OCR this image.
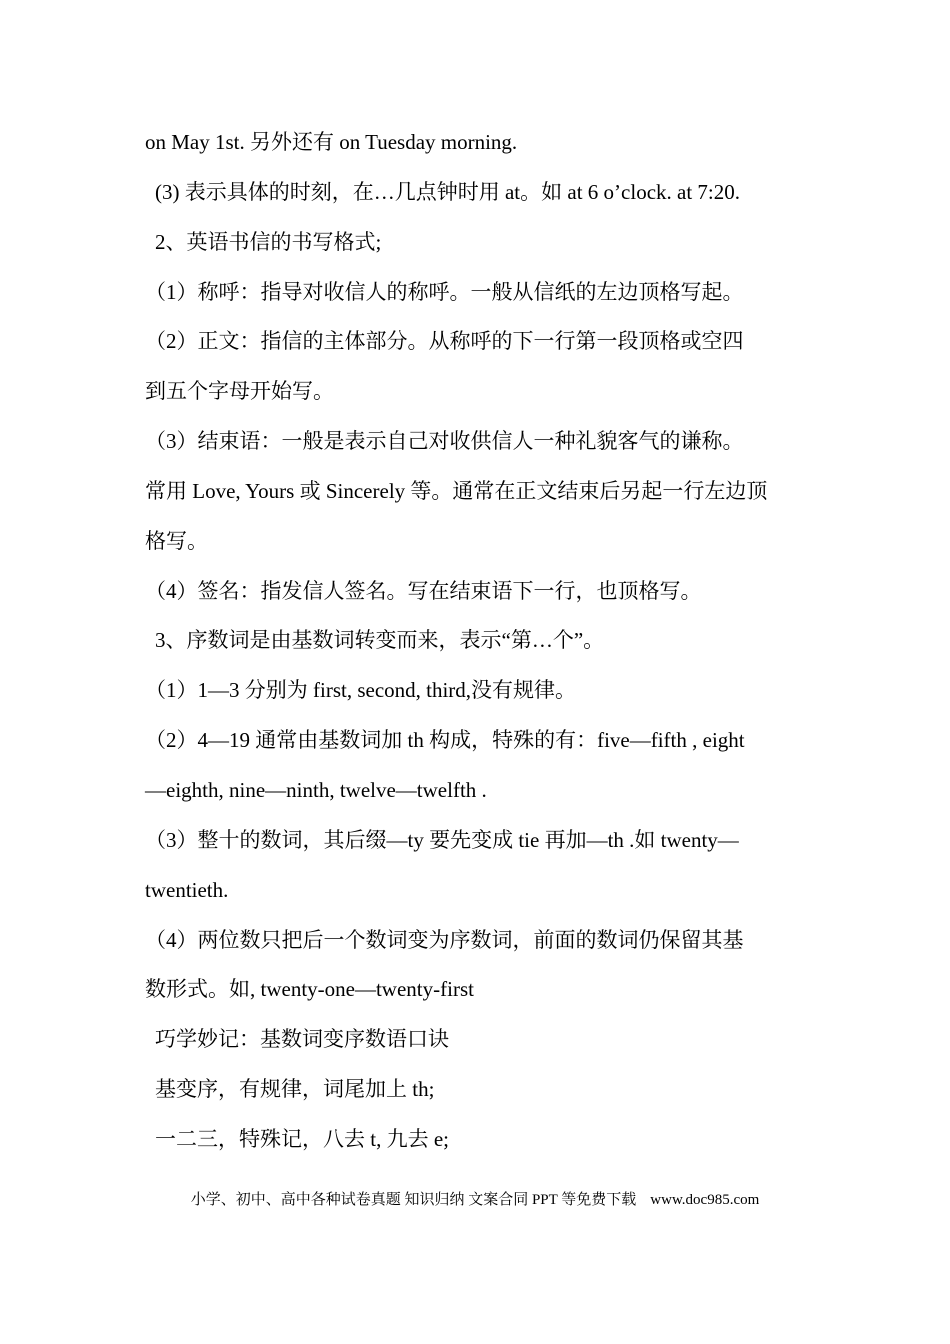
on May 1st. 另外还有 on Tuesday morning.
(3) 表示具体的时刻，在…几点钟时用 at。如 at 6 o’clock. at 7:20.
2、英语书信的书写格式;
（1）称呼：指导对收信人的称呼。一般从信纸的左边顶格写起。
（2）正文：指信的主体部分。从称呼的下一行第一段顶格或空四
到五个字母开始写。
（3）结束语：一般是表示自己对收供信人一种礼貌客气的谦称。
常用 Love, Yours 或 Sincerely 等。通常在正文结束后另起一行左边顶
格写。
（4）签名：指发信人签名。写在结束语下一行，也顶格写。
3、序数词是由基数词转变而来，表示“第…个”。
（1）1—3 分别为 first, second, third,没有规律。
（2）4—19 通常由基数词加 th 构成，特殊的有：five—fifth , eight
—eighth, nine—ninth, twelve—twelfth .
（3）整十的数词，其后缀—ty 要先变成 tie 再加—th .如 twenty—
twentieth.
（4）两位数只把后一个数词变为序数词，前面的数词仍保留其基
数形式。如, twenty-one—twenty-first
巧学妙记：基数词变序数语口诀
基变序，有规律，词尾加上 th;
一二三，特殊记，八去 t, 九去 e;
小学、初中、高中各种试卷真题 知识归纳 文案合同 PPT 等免费下载 www.doc985.com
